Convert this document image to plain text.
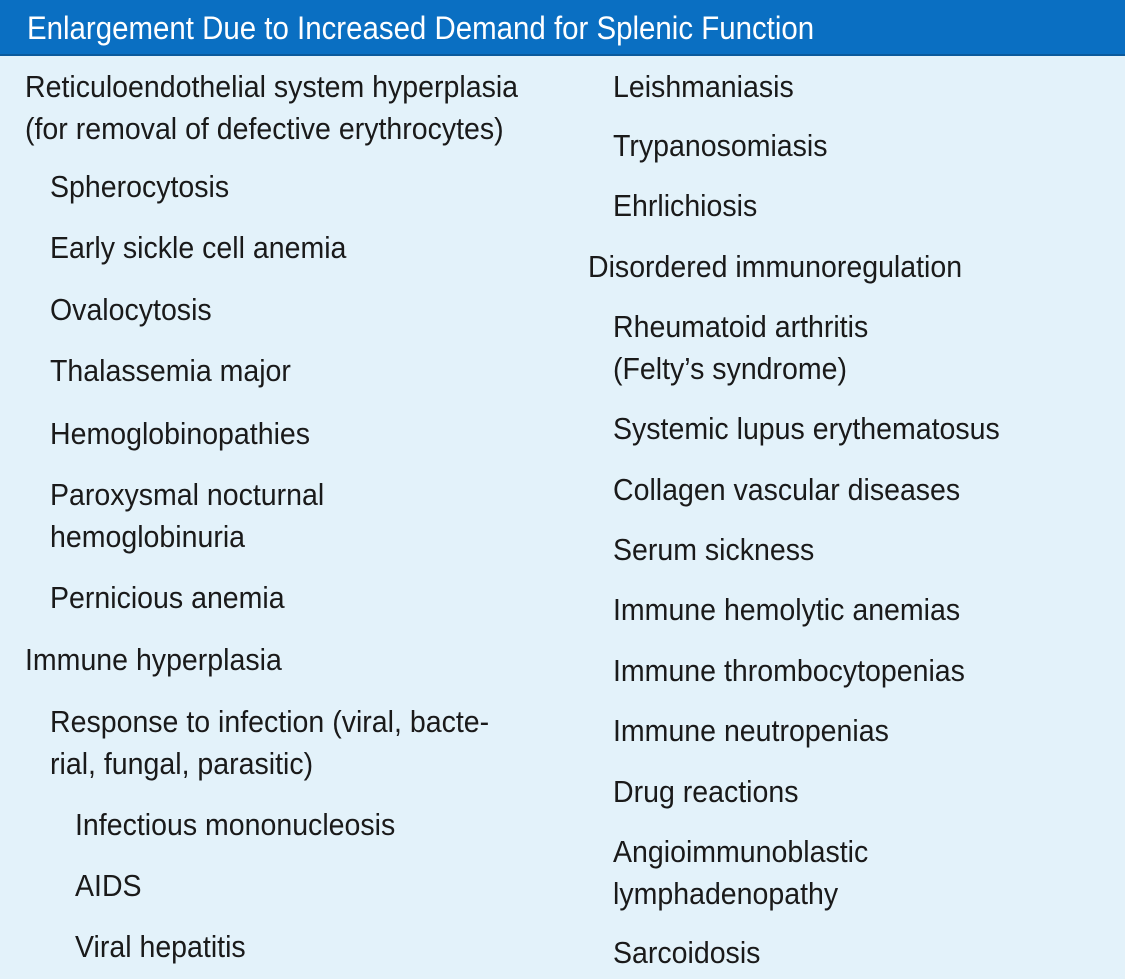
Enlargement Due to Increased Demand for Splenic Function
Reticuloendothelial system hyperplasia
(for removal of defective erythrocytes)
Spherocytosis
Early sickle cell anemia
Ovalocytosis
Thalassemia major
Hemoglobinopathies
Paroxysmal nocturnal
hemoglobinuria
Pernicious anemia
Immune hyperplasia
Response to infection (viral, bacte-
rial, fungal, parasitic)
Infectious mononucleosis
AIDS
Viral hepatitis
Leishmaniasis
Trypanosomiasis
Ehrlichiosis
Disordered immunoregulation
Rheumatoid arthritis
(Felty’s syndrome)
Systemic lupus erythematosus
Collagen vascular diseases
Serum sickness
Immune hemolytic anemias
Immune thrombocytopenias
Immune neutropenias
Drug reactions
Angioimmunoblastic
lymphadenopathy
Sarcoidosis
